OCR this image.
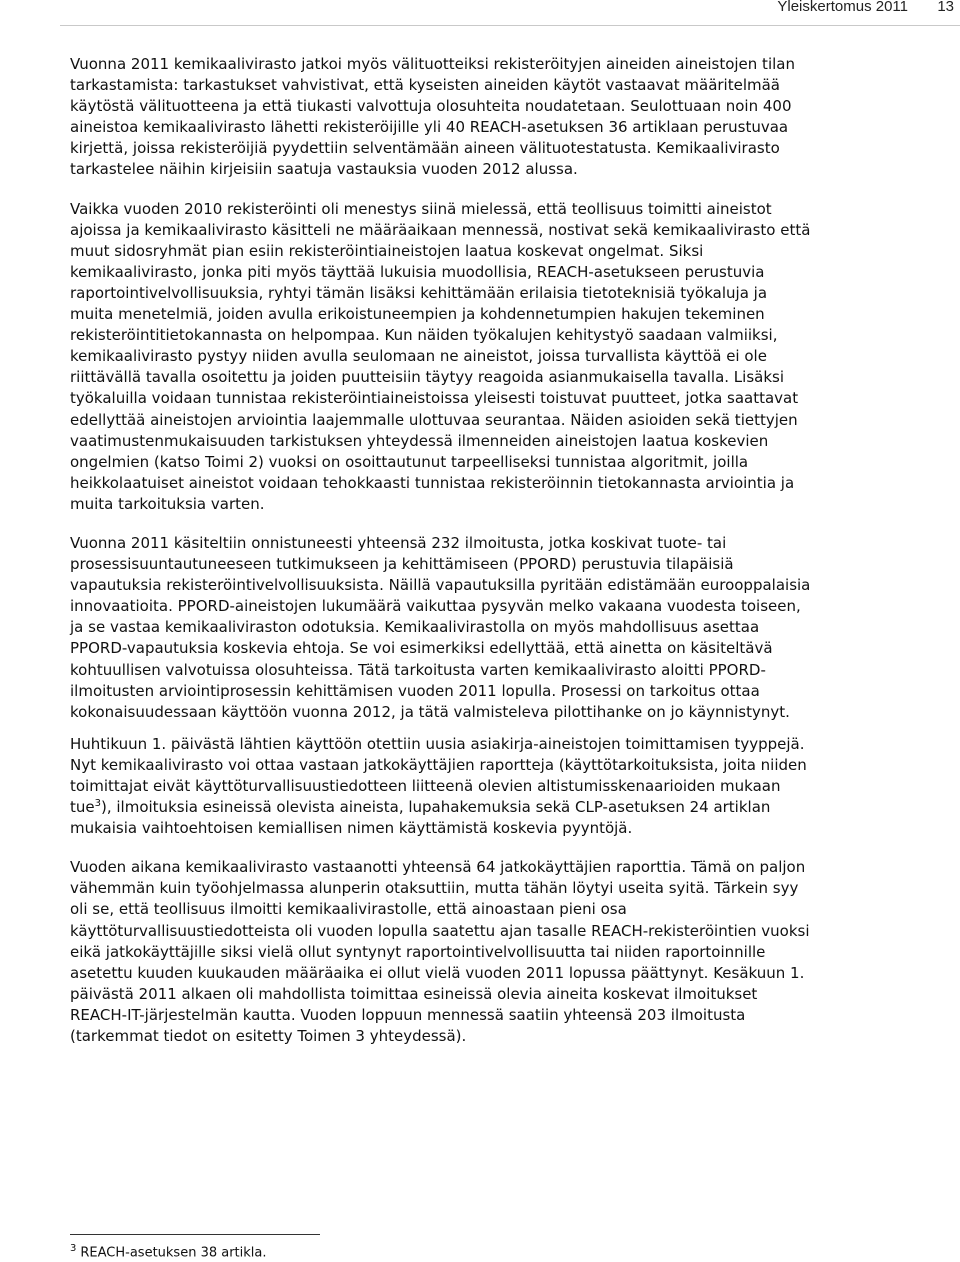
Yleiskertomus 2011 13

Vuonna 2011 kemikaalivirasto jatkoi myös välituotteiksi rekisteröityjen aineiden aineistojen tilan tarkastamista: tarkastukset vahvistivat, että kyseisten aineiden käytöt vastaavat määritelmää käytöstä välituotteena ja että tiukasti valvottuja olosuhteita noudatetaan. Seulottuaan noin 400 aineistoa kemikaalivirasto lähetti rekisteröijille yli 40 REACH-asetuksen 36 artiklaan perustuvaa kirjettä, joissa rekisteröijiä pyydettiin selventämään aineen välituotestatusta. Kemikaalivirasto tarkastelee näihin kirjeisiin saatuja vastauksia vuoden 2012 alussa.

Vaikka vuoden 2010 rekisteröinti oli menestys siinä mielessä, että teollisuus toimitti aineistot ajoissa ja kemikaalivirasto käsitteli ne määräaikaan mennessä, nostivat sekä kemikaalivirasto että muut sidosryhmät pian esiin rekisteröintiaineistojen laatua koskevat ongelmat. Siksi kemikaalivirasto, jonka piti myös täyttää lukuisia muodollisia, REACH-asetukseen perustuvia raportointivelvollisuuksia, ryhtyi tämän lisäksi kehittämään erilaisia tietoteknisiä työkaluja ja muita menetelmiä, joiden avulla erikoistuneempien ja kohdennetumpien hakujen tekeminen rekisteröintitietokannasta on helpompaa. Kun näiden työkalujen kehitystyö saadaan valmiiksi, kemikaalivirasto pystyy niiden avulla seulomaan ne aineistot, joissa turvallista käyttöä ei ole riittävällä tavalla osoitettu ja joiden puutteisiin täytyy reagoida asianmukaisella tavalla. Lisäksi työkaluilla voidaan tunnistaa rekisteröintiaineistoissa yleisesti toistuvat puutteet, jotka saattavat edellyttää aineistojen arviointia laajemmalle ulottuvaa seurantaa. Näiden asioiden sekä tiettyjen vaatimustenmukaisuuden tarkistuksen yhteydessä ilmenneiden aineistojen laatua koskevien ongelmien (katso Toimi 2) vuoksi on osoittautunut tarpeelliseksi tunnistaa algoritmit, joilla heikkolaatuiset aineistot voidaan tehokkaasti tunnistaa rekisteröinnin tietokannasta arviointia ja muita tarkoituksia varten.

Vuonna 2011 käsiteltiin onnistuneesti yhteensä 232 ilmoitusta, jotka koskivat tuote- tai prosessisuuntautuneeseen tutkimukseen ja kehittämiseen (PPORD) perustuvia tilapäisiä vapautuksia rekisteröintivelvollisuuksista. Näillä vapautuksilla pyritään edistämään eurooppalaisia innovaatioita. PPORD-aineistojen lukumäärä vaikuttaa pysyvän melko vakaana vuodesta toiseen, ja se vastaa kemikaaliviraston odotuksia. Kemikaalivirastolla on myös mahdollisuus asettaa PPORD-vapautuksia koskevia ehtoja. Se voi esimerkiksi edellyttää, että ainetta on käsiteltävä kohtuullisen valvotuissa olosuhteissa. Tätä tarkoitusta varten kemikaalivirasto aloitti PPORD-ilmoitusten arviointiprosessin kehittämisen vuoden 2011 lopulla. Prosessi on tarkoitus ottaa kokonaisuudessaan käyttöön vuonna 2012, ja tätä valmisteleva pilottihanke on jo käynnistynyt.

Huhtikuun 1. päivästä lähtien käyttöön otettiin uusia asiakirja-aineistojen toimittamisen tyyppejä. Nyt kemikaalivirasto voi ottaa vastaan jatkokäyttäjien raportteja (käyttötarkoituksista, joita niiden toimittajat eivät käyttöturvallisuustiedotteen liitteenä olevien altistumisskenaarioiden mukaan tue$^3$), ilmoituksia esineissä olevista aineista, lupahakemuksia sekä CLP-asetuksen 24 artiklan mukaisia vaihtoehtoisen kemiallisen nimen käyttämistä koskevia pyyntöjä.

Vuoden aikana kemikaalivirasto vastaanotti yhteensä 64 jatkokäyttäjien raporttia. Tämä on paljon vähemmän kuin työohjelmassa alunperin otaksuttiin, mutta tähän löytyi useita syitä. Tärkein syy oli se, että teollisuus ilmoitti kemikaalivirastolle, että ainoastaan pieni osa käyttöturvallisuustiedotteista oli vuoden lopulla saatettu ajan tasalle REACH-rekisteröintien vuoksi eikä jatkokäyttäjille siksi vielä ollut syntynyt raportointivelvollisuutta tai niiden raportoinnille asetettu kuuden kuukauden määräaika ei ollut vielä vuoden 2011 lopussa päättynyt. Kesäkuun 1. päivästä 2011 alkaen oli mahdollista toimittaa esineissä olevia aineita koskevat ilmoitukset REACH-IT-järjestelmän kautta. Vuoden loppuun mennessä saatiin yhteensä 203 ilmoitusta (tarkemmat tiedot on esitetty Toimen 3 yhteydessä).

$^3$ REACH-asetuksen 38 artikla.
